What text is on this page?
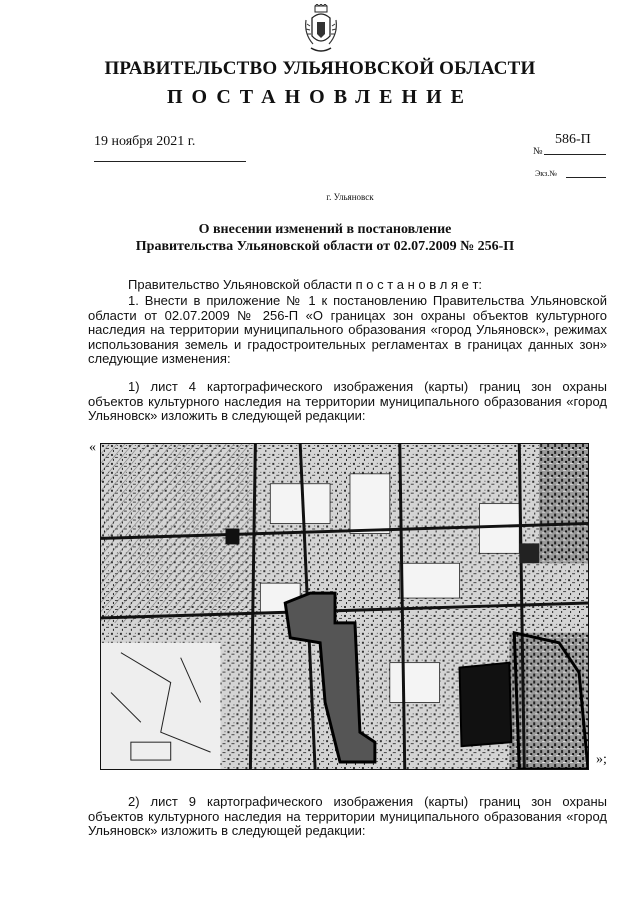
ПРАВИТЕЛЬСТВО УЛЬЯНОВСКОЙ ОБЛАСТИ
ПОСТАНОВЛЕНИЕ
19 ноября 2021 г.
№
586-П
Экз.№
г. Ульяновск
О внесении изменений в постановление
Правительства Ульяновской области от 02.07.2009 № 256-П
Правительство Ульяновской области п о с т а н о в л я е т:
1. Внести в приложение № 1 к постановлению Правительства Ульяновской области от 02.07.2009 № 256-П «О границах зон охраны объектов культурного наследия на территории муниципального образования «город Ульяновск», режимах использования земель и градостроительных регламентах в границах данных зон» следующие изменения:
1) лист 4 картографического изображения (карты) границ зон охраны объектов культурного наследия на территории муниципального образования «город Ульяновск» изложить в следующей редакции:
«
»;
2) лист 9 картографического изображения (карты) границ зон охраны объектов культурного наследия на территории муниципального образования «город Ульяновск» изложить в следующей редакции:
